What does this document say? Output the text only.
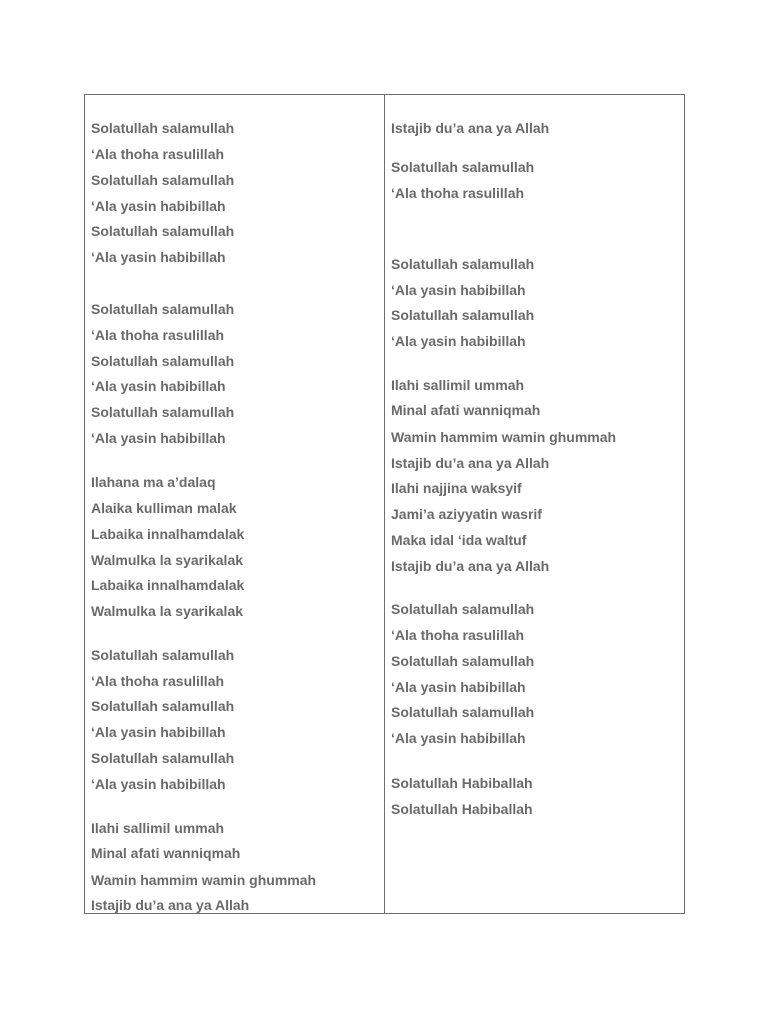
Solatullah salamullah
‘Ala thoha rasulillah
Solatullah salamullah
‘Ala yasin habibillah
Solatullah salamullah
‘Ala yasin habibillah
Solatullah salamullah
‘Ala thoha rasulillah
Solatullah salamullah
‘Ala yasin habibillah
Solatullah salamullah
‘Ala yasin habibillah
Ilahana ma a’dalaq
Alaika kulliman malak
Labaika innalhamdalak
Walmulka la syarikalak
Labaika innalhamdalak
Walmulka la syarikalak
Solatullah salamullah
‘Ala thoha rasulillah
Solatullah salamullah
‘Ala yasin habibillah
Solatullah salamullah
‘Ala yasin habibillah
Ilahi sallimil ummah
Minal afati wanniqmah
Wamin hammim wamin ghummah
Istajib du’a ana ya Allah
Istajib du’a ana ya Allah
Solatullah salamullah
‘Ala thoha rasulillah
Solatullah salamullah
‘Ala yasin habibillah
Solatullah salamullah
‘Ala yasin habibillah
Ilahi sallimil ummah
Minal afati wanniqmah
Wamin hammim wamin ghummah
Istajib du’a ana ya Allah
Ilahi najjina waksyif
Jami’a aziyyatin wasrif
Maka idal ‘ida waltuf
Istajib du’a ana ya Allah
Solatullah salamullah
‘Ala thoha rasulillah
Solatullah salamullah
‘Ala yasin habibillah
Solatullah salamullah
‘Ala yasin habibillah
Solatullah Habiballah
Solatullah Habiballah
